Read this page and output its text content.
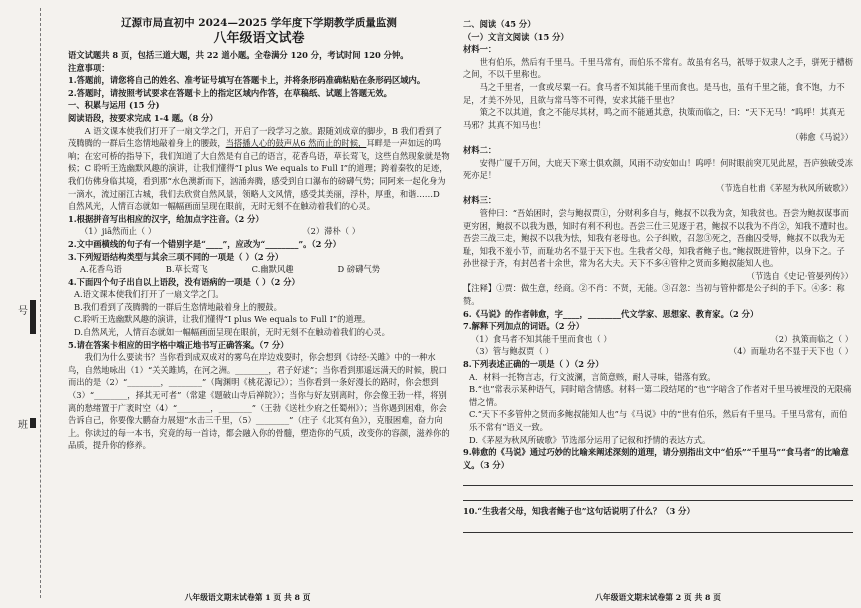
号
班
辽源市局直初中 2024—2025 学年度下学期教学质量监测
八年级语文试卷

语文试题共 8 页，包括三道大题，共 22 道小题。全卷满分 120 分，考试时间 120 分钟。

注意事项：

1.答题前，请您将自己的姓名、准考证号填写在答题卡上，并将条形码准确粘贴在条形码区域内。

2.答题时，请按照考试要求在答题卡上的指定区域内作答，在草稿纸、试题上答题无效。

一、积累与运用 (15 分)

阅读语段，按要求完成 1-4 题。（8 分）

A 语文课本使我们打开了一扇文学之门，开启了一段学习之旅。跟随刘成章的脚步，B 我们看到了茂腾腾的一群后生恣情地敲着身上的腰鼓，当搭播人心的鼓声从6 然而止的时候，耳畔是一声如远的鸣响；在宏可桥的指导下，我们知道了大自然是有自己的语言，花香鸟语，草长莺飞，这些自然现象就是物候；C 聆听王选幽默风趣的演讲，让我们懂得“I plus We equals to Full I”的道理；跨着秦牧的足迹，我们仿佛身临其境，看到那“水色澳新而下，汹涌奔腾，感受到自口瀑布的磅礴气势；同阿来一起化身为一滴水，流过丽江古城，我们去欣赏自然风景，领略人文风情，感受其美丽，浮朴，厚重，和谐……D 自然风光，人情百态就如一幅幅画面呈现在眼前，无时无刻不在触动着我们的心灵。

1.根据拼音写出相应的汉字，给加点字注音。（2 分）

（1）jiā然而止（ ）	（2）滞朴（ ）

2.文中画横线的句子有一个错别字是“____”，应改为“________”。（2 分）

3.下列短语结构类型与其余三项不同的一项是（ ）（2 分）

A.花香鸟语	B.草长莺飞	C.幽默风趣	D 磅礴气势

4.下面四个句子出自以上语段，没有语病的一项是（ ）（2 分）

A.语文课本使我们打开了一扇文学之门。

B.我们看到了茂腾腾的一群后生恣情地敲着身上的腰鼓。

C.聆听王选幽默风趣的演讲，让我们懂得“I plus We equals to Full I”的道理。

D.自然风光，人情百态就如一幅幅画面呈现在眼前，无时无刻不在触动着我们的心灵。

5.请在答案卡相应的田字格中端正地书写正确答案。（7 分）

我们为什么要读书？当你看到成双成对的雾鸟在岸边戏耍时，你会想到《诗经·关雎》中的一种水鸟，自然地咏出（1）“关关雎鸠，在河之洲。________，君子好逑”；当你看到那遥远满天的时候，脱口而出的是（2）“________，________”（陶渊明《桃花源记》）；当你看到一条好漫长的路时，你会想到（3）“________，择其无可者”（常建《题破山寺后禅院》）；当你与好友别离时，你会像王勃一样，将别离的愁绪置于广袤时空（4）“________，________”（王勃《送杜少府之任蜀州》）；当你遇到困难，你会告诉自己，你要像大鹏奋力展翅“水击三千里，（5）________”（庄子《北冥有鱼》），克服困难，奋力向上。你读过的每一本书，究竟的每一首诗，都会融入你的骨髓，塑造你的气质，改变你的容颜，滋养你的品质，提升你的修养。

八年级语文期末试卷第 1 页 共 8 页

二、阅读（45 分）

（一）文言文阅读（15 分）

材料一：

世有伯乐，然后有千里马。千里马常有，而伯乐不常有。故虽有名马，祇辱于奴隶人之手，骈死于槽枥之间，不以千里称也。

马之千里者，一食或尽粟一石。食马者不知其能千里而食也。是马也，虽有千里之能，食不饱，力不足，才美不外见，且欲与常马等不可得，安求其能千里也？

策之不以其道，食之不能尽其材，鸣之而不能通其意，执策而临之，曰：“天下无马！”呜呼！其真无马邪？其真不知马也！

（韩愈《马说》）

材料二：

安得广厦千万间，大庇天下寒士俱欢颜，风雨不动安如山！呜呼！何时眼前突兀见此屋，吾庐独破受冻死亦足！

（节选自杜甫《茅屋为秋风所破歌》）

材料三：

管仲曰：“吾始困时，尝与鲍叔贾①，分财利多自与，鲍叔不以我为贪，知我贫也。吾尝为鲍叔谋事而更穷困，鲍叔不以我为愚，知时有利不利也。吾尝三仕三见逐于君，鲍叔不以我为不肖②，知我不遭时也。吾尝三战三走，鲍叔不以我为怯，知我有老母也。公子纠败，召忽③死之，吾幽囚受辱，鲍叔不以我为无耻，知我不羞小节，而耻功名不显于天下也。生我者父母，知我者鲍子也。”鲍叔既进管仲，以身下之。子孙世禄于齐，有封邑者十余世，常为名大夫。天下不多④管仲之贤而多鲍叔能知人也。

（节选自《史记·管晏列传》）

【注释】①贾：做生意，经商。②不肖：不贤，无能。③召忽：当初与管仲都是公子纠的手下。④多：称赞。

6.《马说》的作者韩愈，字____，________代文学家、思想家、教育家。（2 分）

7.解释下列加点的词语。（2 分）

（1）食马者不知其能千里而食也（ ）	（2）执策而临之（ ）
（3）管与鲍叔贾（ ）	（4）而耻功名不显于天下也（ ）

8.下列表述正确的一项是（ ）（2 分）

A．材料一托物言志，行文波澜，言简意赅，耐人寻味，错落有致。

B.“也”常表示某种语气，同时暗含情感。材料一第二段结尾的“也”字暗含了作者对千里马被埋没的无限痛惜之情。

C.“天下不多管仲之贤而多鲍叔能知人也”与《马说》中的“世有伯乐，然后有千里马。千里马常有，而伯乐不常有”语义一致。

D.《茅屋为秋风所破歌》节选部分运用了记叙和抒情的表达方式。

9.韩愈的《马说》通过巧妙的比喻来阐述深刻的道理，请分别指出文中“伯乐”“千里马”“食马者”的比喻意义。（3 分）

10.“生我者父母，知我者鲍子也”这句话说明了什么？（3 分）

八年级语文期末试卷第 2 页 共 8 页
